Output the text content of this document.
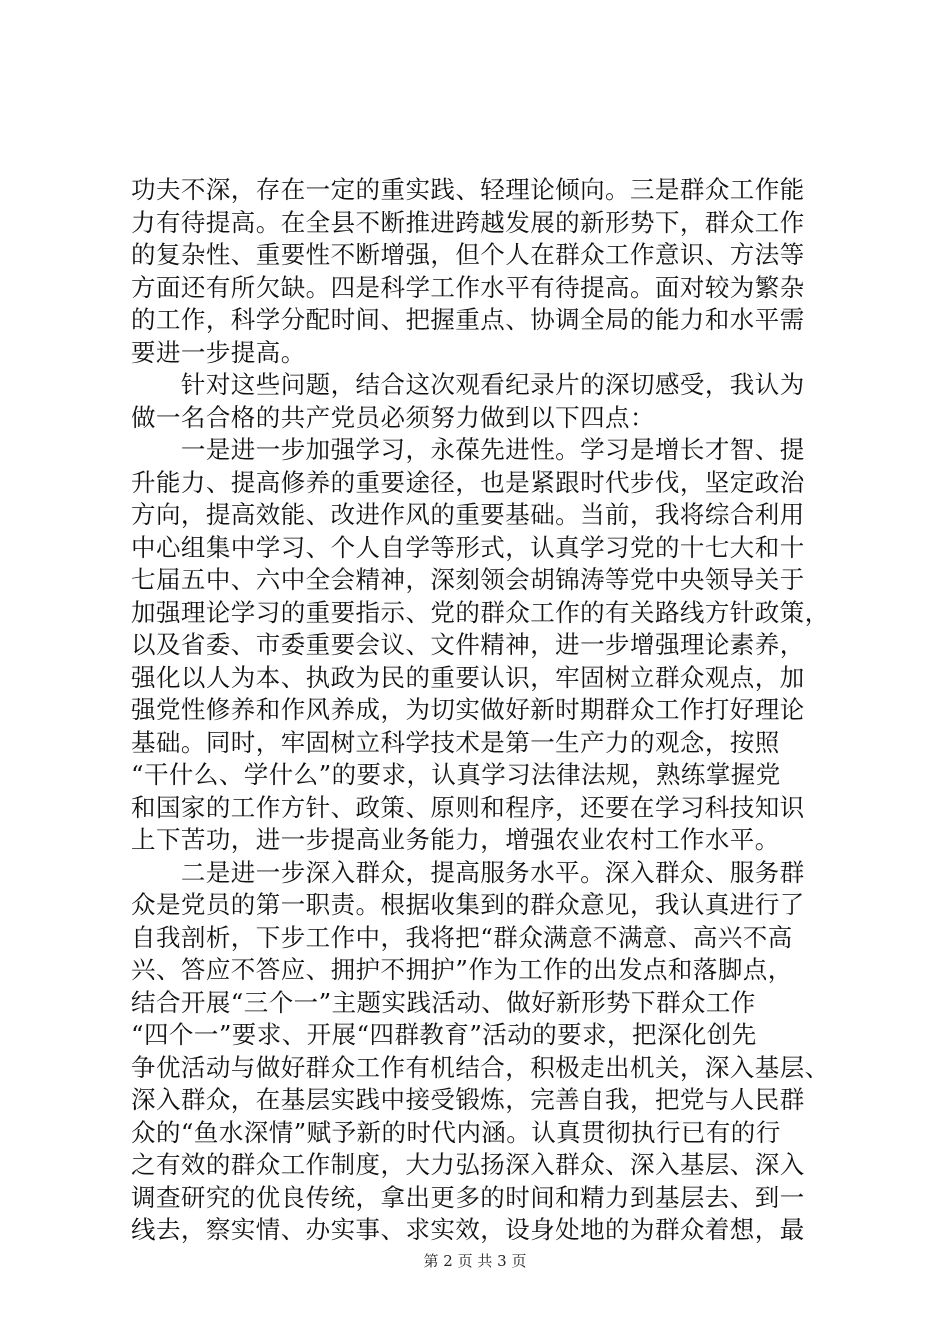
功夫不深，存在一定的重实践、轻理论倾向。三是群众工作能
力有待提高。在全县不断推进跨越发展的新形势下，群众工作
的复杂性、重要性不断增强，但个人在群众工作意识、方法等
方面还有所欠缺。四是科学工作水平有待提高。面对较为繁杂
的工作，科学分配时间、把握重点、协调全局的能力和水平需
要进一步提高。
　　针对这些问题，结合这次观看纪录片的深切感受，我认为
做一名合格的共产党员必须努力做到以下四点：
　　一是进一步加强学习，永葆先进性。学习是增长才智、提
升能力、提高修养的重要途径，也是紧跟时代步伐，坚定政治
方向，提高效能、改进作风的重要基础。当前，我将综合利用
中心组集中学习、个人自学等形式，认真学习党的十七大和十
七届五中、六中全会精神，深刻领会胡锦涛等党中央领导关于
加强理论学习的重要指示、党的群众工作的有关路线方针政策，
以及省委、市委重要会议、文件精神，进一步增强理论素养，
强化以人为本、执政为民的重要认识，牢固树立群众观点，加
强党性修养和作风养成，为切实做好新时期群众工作打好理论
基础。同时，牢固树立科学技术是第一生产力的观念，按照
“干什么、学什么”的要求，认真学习法律法规，熟练掌握党
和国家的工作方针、政策、原则和程序，还要在学习科技知识
上下苦功，进一步提高业务能力，增强农业农村工作水平。
　　二是进一步深入群众，提高服务水平。深入群众、服务群
众是党员的第一职责。根据收集到的群众意见，我认真进行了
自我剖析，下步工作中，我将把“群众满意不满意、高兴不高
兴、答应不答应、拥护不拥护”作为工作的出发点和落脚点，
结合开展“三个一”主题实践活动、做好新形势下群众工作
“四个一”要求、开展“四群教育”活动的要求，把深化创先
争优活动与做好群众工作有机结合，积极走出机关，深入基层、
深入群众，在基层实践中接受锻炼，完善自我，把党与人民群
众的“鱼水深情”赋予新的时代内涵。认真贯彻执行已有的行
之有效的群众工作制度，大力弘扬深入群众、深入基层、深入
调查研究的优良传统，拿出更多的时间和精力到基层去、到一
线去，察实情、办实事、求实效，设身处地的为群众着想，最
第 2 页 共 3 页
